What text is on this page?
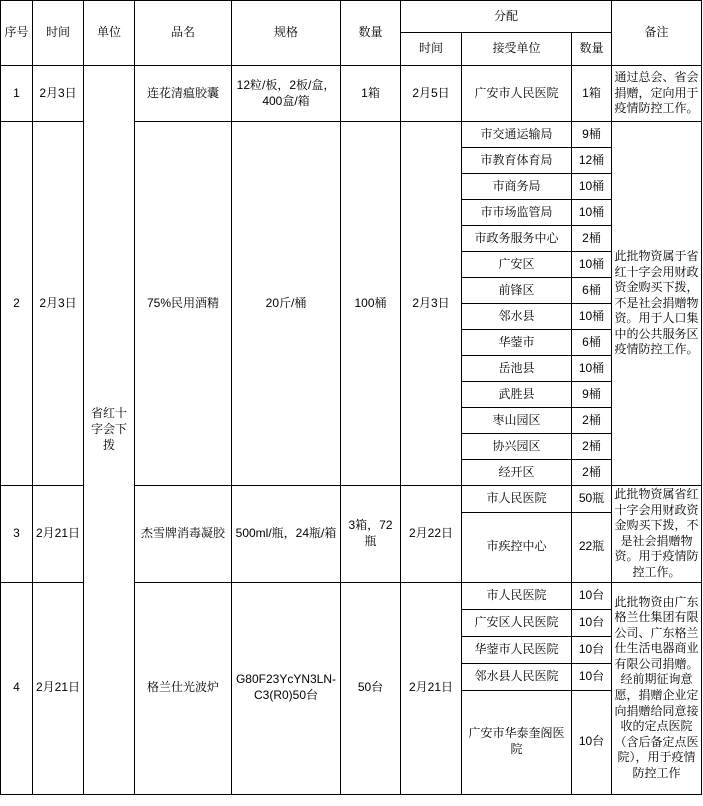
序号	时间	单位	品名	规格	数量	分配			备注
						时间	接受单位	数量	
1	2月3日	省红十字会下拨	连花清瘟胶囊	12粒/板，2板/盒，400盒/箱	1箱	2月5日	广安市人民医院	1箱	通过总会、省会捐赠，定向用于疫情防控工作。
2	2月3日		75%民用酒精	20斤/桶	100桶	2月3日	市交通运输局	9桶	此批物资属于省红十字会用财政资金购买下拨，不是社会捐赠物资。用于人口集中的公共服务区疫情防控工作。
							市教育体育局	12桶	
							市商务局	10桶	
							市市场监管局	10桶	
							市政务服务中心	2桶	
							广安区	10桶	
							前锋区	6桶	
							邻水县	10桶	
							华蓥市	6桶	
							岳池县	10桶	
							武胜县	9桶	
							枣山园区	2桶	
							协兴园区	2桶	
							经开区	2桶	
3	2月21日		杰雪牌消毒凝胶	500ml/瓶，24瓶/箱	3箱，72瓶	2月22日	市人民医院	50瓶	此批物资属省红十字会用财政资金购买下拨，不是社会捐赠物资。用于疫情防控工作。
							市疾控中心	22瓶	
4	2月21日		格兰仕光波炉	G80F23YcYN3LN-C3(R0)50台	50台	2月21日	市人民医院	10台	此批物资由广东格兰仕集团有限公司、广东格兰仕生活电器商业有限公司捐赠。经前期征询意愿，捐赠企业定向捐赠给同意接收的定点医院（含后备定点医院），用于疫情防控工作
							广安区人民医院	10台	
							华蓥市人民医院	10台	
							邻水县人民医院	10台	
							广安市华泰奎阁医院	10台	
